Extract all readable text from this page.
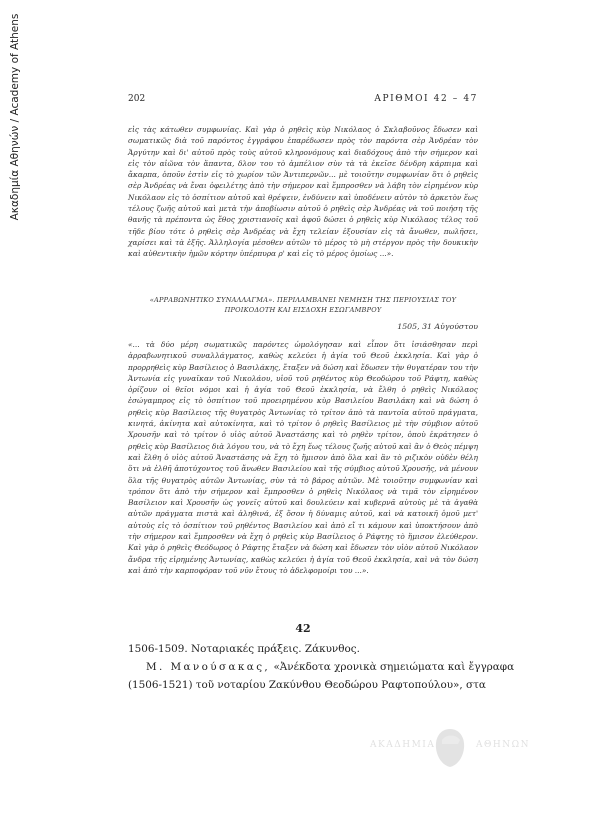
Ακαδημία Αθηνών / Academy of Athens	202	ΑΡΙΘΜΟΙ 42 – 47

εἰς τὰς κάτωθεν συμφωνίας. Καὶ γὰρ ὁ ρηθεὶς κὺρ Νικόλαος ὁ Σκλαβοῦνος ἔδωσεν καὶ σωματικῶς διὰ τοῦ παρόντος ἐγγράφου ἐπαρέδωσεν πρὸς τὸν παρόντα σὲρ Ἀνδρέαν τὸν Ἀργύτην καὶ δι' αὐτοῦ πρὸς τοὺς αὐτοῦ κληρονόμους καὶ διαδόχους ἀπὸ τὴν σήμερον καὶ εἰς τὸν αἰῶνα τὸν ἅπαντα, δλον του τὸ ἀμπέλιον σὺν τὰ τὰ ἐκεῖσε δένδρη κάρπιμα καὶ ἄκαρπα, ὁποῦν ἐστὶν εἰς τὸ χωρίον τῶν Ἀντιπερνῶν... μὲ τοιοῦτην συμφωνίαν ὅτι ὁ ρηθεὶς σὲρ Ἀνδρέας νὰ ἔναι ὀφειλέτης ἀπὸ τὴν σήμερον καὶ ἔμπροσθεν νὰ λάβη τὸν εἰρημένον κὺρ Νικόλαον εἰς τὸ ὀσπίτιον αὐτοῦ καὶ θρέψειν, ἐνδύνειν καὶ ὑποδένειν αὐτὸν τὸ ἀρκετὸν ἕως τέλους ζωῆς αὐτοῦ καὶ μετὰ τὴν ἀποβίωσιν αὐτοῦ ὁ ρηθεὶς σὲρ Ἀνδρέας νὰ τοῦ ποιήση τῆς θανῆς τὰ πρέποντα ὡς ἔθος χριστιανοῖς καὶ ἀφοῦ δώσει ὁ ρηθεὶς κὺρ Νικόλαος τέλος τοῦ τῆδε βίου τότε ὁ ρηθεὶς σὲρ Ἀνδρέας νὰ ἔχη τελείαν ἐξουσίαν εἰς τὰ ἄνωθεν, πωλῆσει, χαρίσει καὶ τὰ ἑξῆς. Ἀλληλογία μέσοθεν αὐτῶν τὸ μέρος τὸ μὴ στέργον πρὸς τὴν δουκικὴν καὶ αὐθεντικὴν ἡμῶν κόρτην ὑπέρπυρα ρ' καὶ εἰς τὸ μέρος ὁμοίως ...».

«ΑΡΡΑΒΩΝΗΤΙΚΟ ΣΥΝΑΛΛΑΓΜΑ». ΠΕΡΙΛΑΜΒΑΝΕΙ ΝΕΜΗΣΗ ΤΗΣ ΠΕΡΙΟΥΣΙΑΣ ΤΟΥ ΠΡΟΙΚΟΔΟΤΗ ΚΑΙ ΕΙΣΔΟΧΗ ΕΣΩΓΑΜΒΡΟΥ
1505, 31 Αὐγούστου

«... τὰ δύο μέρη σωματικῶς παρόντες ὡμολόγησαν καὶ εἶπον ὅτι ἰσιάσθησαν περὶ ἀρραβωνητικοῦ συναλλάγματος, καθὼς κελεύει ἡ ἁγία τοῦ Θεοῦ ἐκκλησία. Καὶ γὰρ ὁ προρρηθεὶς κὺρ Βασίλειος ὁ Βασιλάκης, ἔταξεν νὰ δώση καὶ ἔδωσεν τὴν θυγατέραν του τὴν Ἀντωνία εἰς γυναῖκαν τοῦ Νικολάου, υἱοῦ τοῦ ρηθέντος κὺρ Θεοδώρου τοῦ Ράφτη, καθὼς ὁρίζουν οἱ θεῖοι νόμοι καὶ ἡ ἁγία τοῦ Θεοῦ ἐκκλησία, νὰ ἔλθη ὁ ρηθεὶς Νικόλαος ἐσώγαμπρος εἰς τὸ ὀσπίτιον τοῦ προειρημένου κὺρ Βασιλείου Βασιλάκη καὶ νὰ δώση ὁ ρηθεὶς κὺρ Βασίλειος τῆς θυγατρὸς Ἀντωνίας τὸ τρίτον ἀπὸ τὰ παντοῖα αὐτοῦ πράγματα, κινητά, ἀκίνητα καὶ αὐτοκίνητα, καὶ τὸ τρίτον ὁ ρηθεὶς Βασίλειος μὲ τὴν σύμβιον αὐτοῦ Χρουσῆν καὶ τὸ τρίτον ὁ υἱὸς αὐτοῦ Ἀναστάσης καὶ τὸ ρηθὲν τρίτον, ὁποὺ ἐκράτησεν ὁ ρηθεὶς κὺρ Βασίλειος διὰ λόγου του, νὰ τὸ ἔχη ἕως τέλους ζωῆς αὐτοῦ καὶ ἂν ὁ Θεὸς πέμψη καὶ ἔλθη ὁ υἱὸς αὐτοῦ Ἀναστάσης νὰ ἔχη τὸ ἥμισον ἀπὸ ὅλα καὶ ἂν τὸ ριζικὸν οὐδὲν θέλη ὅτι νὰ ἐλθῆ ἀποτύχοντος τοῦ ἄνωθεν Βασιλείου καὶ τῆς σύμβιος αὐτοῦ Χρουσῆς, νὰ μένουν ὅλα τῆς θυγατρὸς αὐτῶν Ἀντωνίας, σὺν τὰ τὸ βάρος αὐτῶν. Μὲ τοιοῦτην συμφωνίαν καὶ τρόπον ὅτι ἀπὸ τὴν σήμερον καὶ ἔμπροσθεν ὁ ρηθεὶς Νικόλαος νὰ τιμᾶ τὸν εἰρημένον Βασίλειον καὶ Χρουσῆν ὡς γονεῖς αὐτοῦ καὶ δουλεύειν καὶ κυβερνᾶ αὐτοὺς μὲ τὰ ἀγαθὰ αὐτῶν πράγματα πιστὰ καὶ ἀληθινά, ἐξ ὅσον ἡ δύναμις αὐτοῦ, καὶ νὰ κατοικῆ ὁμοῦ μετ' αὐτοὺς εἰς τὸ ὀσπίτιον τοῦ ρηθέντος Βασιλείου καὶ ἀπὸ εἴ τι κάμουν καὶ ὑποκτήσουν ἀπὸ τὴν σήμερον καὶ ἔμπροσθεν νὰ ἔχη ὁ ρηθεὶς κὺρ Βασίλειος ὁ Ράφτης τὸ ἥμισον ἐλεύθερον. Καὶ γὰρ ὁ ρηθεὶς Θεόδωρος ὁ Ράφτης ἔταξεν νὰ δώση καὶ ἔδωσεν τὸν υἱὸν αὐτοῦ Νικόλαον ἄνδρα τῆς εἰρημένης Ἀντωνίας, καθὼς κελεύει ἡ ἁγία τοῦ Θεοῦ ἐκκλησία, καὶ νὰ τὸν δώση καὶ ἀπὸ τὴν καρποφόραν τοῦ νῦν ἔτους τὸ ἀδελφομοίρι του ...».

42
1506-1509. Νοταριακές πράξεις. Ζάκυνθος.
Μ. Μανούσακας, «Ἀνέκδοτα χρονικὰ σημειώματα καὶ ἔγγραφα
(1506-1521) τοῦ νοταρίου Ζακύνθου Θεοδώρου Ραφτοπούλου», στα
ΑΚΑΔΗΜΙΑ	ΑΘΗΝΩΝ
